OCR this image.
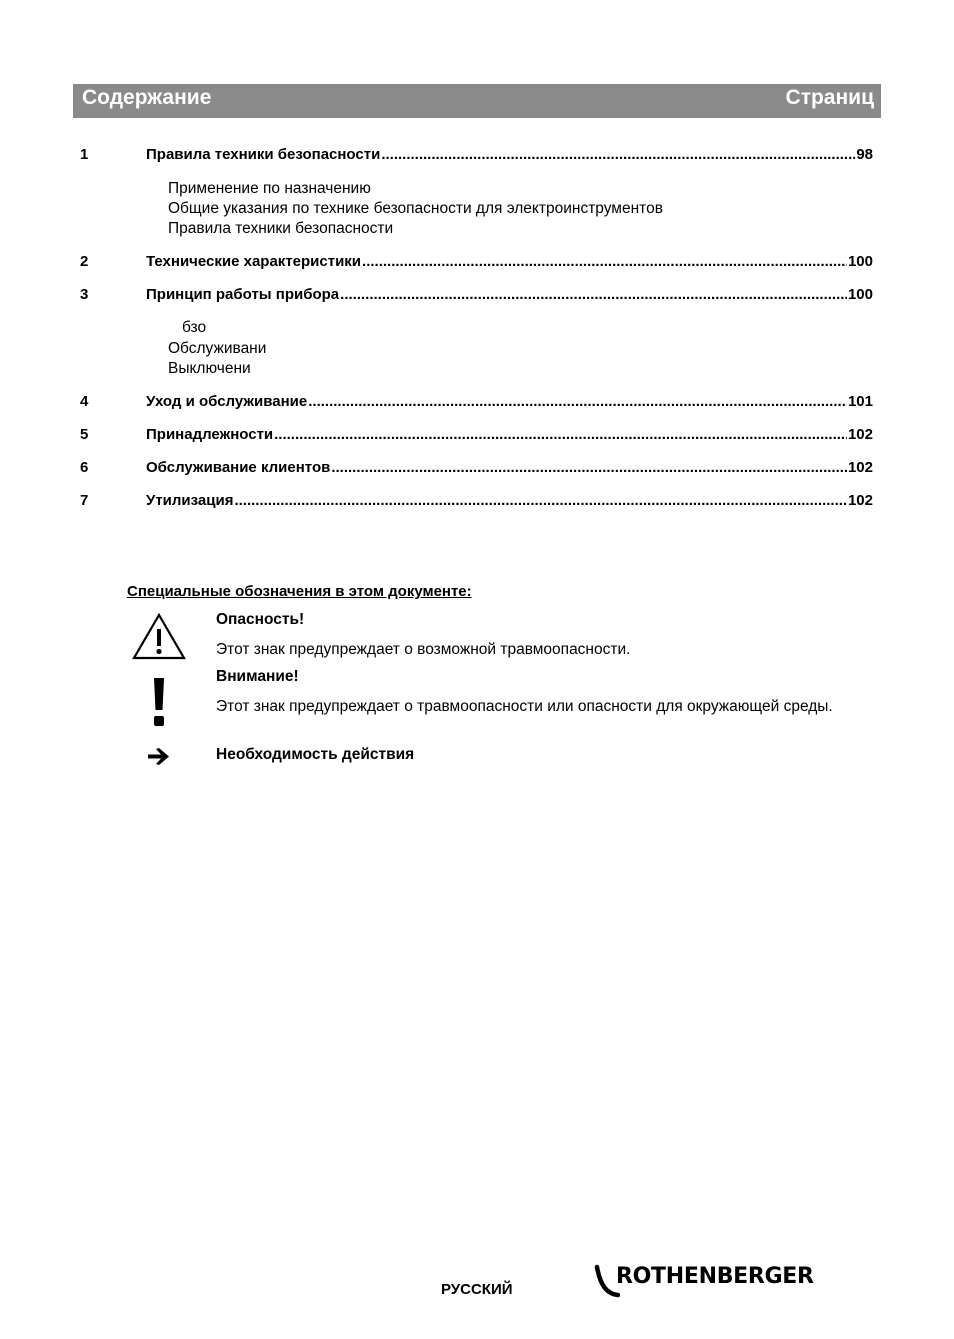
Содержание	Страниц
1	Правила техники безопасности .....	98
Применение по назначению
Общие указания по технике безопасности для электроинструментов
Правила техники безопасности
2	Технические характеристики .....	100
3	Принцип работы прибора .....	100
бзо
Обслуживани
Выключени
4	Уход и обслуживание .....	101
5	Принадлежности .....	102
6	Обслуживание клиентов .....	102
7	Утилизация .....	102
Специальные обозначения в этом документе:
Опасность!
Этот знак предупреждает о возможной травмоопасности.
Внимание!
Этот знак предупреждает о травмоопасности или опасности для окружающей среды.
Необходимость действия
РУССКИЙ
ROTHENBERGER
